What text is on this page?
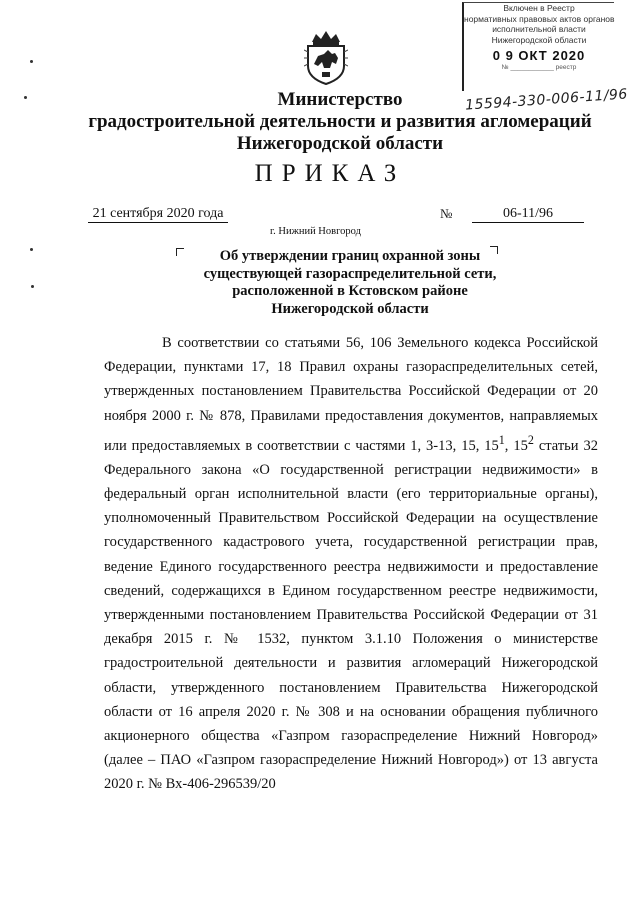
Включен в Реестр
нормативных правовых актов органов
исполнительной власти
Нижегородской области
0 9 ОКТ 2020
№ ____________ реестр
15594-330-006-11/96
Министерство
градостроительной деятельности и развития агломераций
Нижегородской области
ПРИКАЗ
21 сентября 2020 года	№	06-11/96
г. Нижний Новгород
Об утверждении границ охранной зоны
существующей газораспределительной сети,
расположенной в Кстовском районе
Нижегородской области

В соответствии со статьями 56, 106 Земельного кодекса Российской Федерации, пунктами 17, 18 Правил охраны газораспределительных сетей, утвержденных постановлением Правительства Российской Федерации от 20 ноября 2000 г. № 878, Правилами предоставления документов, направляемых или предоставляемых в соответствии с частями 1, 3-13, 15, $15^1$, $15^2$ статьи 32 Федерального закона «О государственной регистрации недвижимости» в федеральный орган исполнительной власти (его территориальные органы), уполномоченный Правительством Российской Федерации на осуществление государственного кадастрового учета, государственной регистрации прав, ведение Единого государственного реестра недвижимости и предоставление сведений, содержащихся в Едином государственном реестре недвижимости, утвержденными постановлением Правительства Российской Федерации от 31 декабря 2015 г. № 1532, пунктом 3.1.10 Положения о министерстве градостроительной деятельности и развития агломераций Нижегородской области, утвержденного постановлением Правительства Нижегородской области от 16 апреля 2020 г. № 308 и на основании обращения публичного акционерного общества «Газпром газораспределение Нижний Новгород» (далее – ПАО «Газпром газораспределение Нижний Новгород») от 13 августа 2020 г. № Вх-406-296539/20
